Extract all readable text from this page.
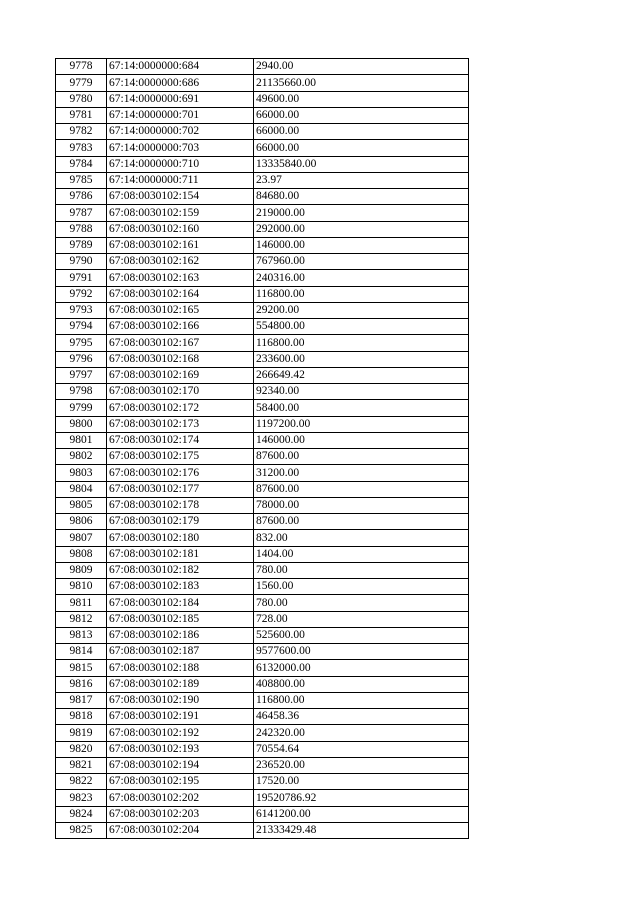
9778	67:14:0000000:684	2940.00
9779	67:14:0000000:686	21135660.00
9780	67:14:0000000:691	49600.00
9781	67:14:0000000:701	66000.00
9782	67:14:0000000:702	66000.00
9783	67:14:0000000:703	66000.00
9784	67:14:0000000:710	13335840.00
9785	67:14:0000000:711	23.97
9786	67:08:0030102:154	84680.00
9787	67:08:0030102:159	219000.00
9788	67:08:0030102:160	292000.00
9789	67:08:0030102:161	146000.00
9790	67:08:0030102:162	767960.00
9791	67:08:0030102:163	240316.00
9792	67:08:0030102:164	116800.00
9793	67:08:0030102:165	29200.00
9794	67:08:0030102:166	554800.00
9795	67:08:0030102:167	116800.00
9796	67:08:0030102:168	233600.00
9797	67:08:0030102:169	266649.42
9798	67:08:0030102:170	92340.00
9799	67:08:0030102:172	58400.00
9800	67:08:0030102:173	1197200.00
9801	67:08:0030102:174	146000.00
9802	67:08:0030102:175	87600.00
9803	67:08:0030102:176	31200.00
9804	67:08:0030102:177	87600.00
9805	67:08:0030102:178	78000.00
9806	67:08:0030102:179	87600.00
9807	67:08:0030102:180	832.00
9808	67:08:0030102:181	1404.00
9809	67:08:0030102:182	780.00
9810	67:08:0030102:183	1560.00
9811	67:08:0030102:184	780.00
9812	67:08:0030102:185	728.00
9813	67:08:0030102:186	525600.00
9814	67:08:0030102:187	9577600.00
9815	67:08:0030102:188	6132000.00
9816	67:08:0030102:189	408800.00
9817	67:08:0030102:190	116800.00
9818	67:08:0030102:191	46458.36
9819	67:08:0030102:192	242320.00
9820	67:08:0030102:193	70554.64
9821	67:08:0030102:194	236520.00
9822	67:08:0030102:195	17520.00
9823	67:08:0030102:202	19520786.92
9824	67:08:0030102:203	6141200.00
9825	67:08:0030102:204	21333429.48
